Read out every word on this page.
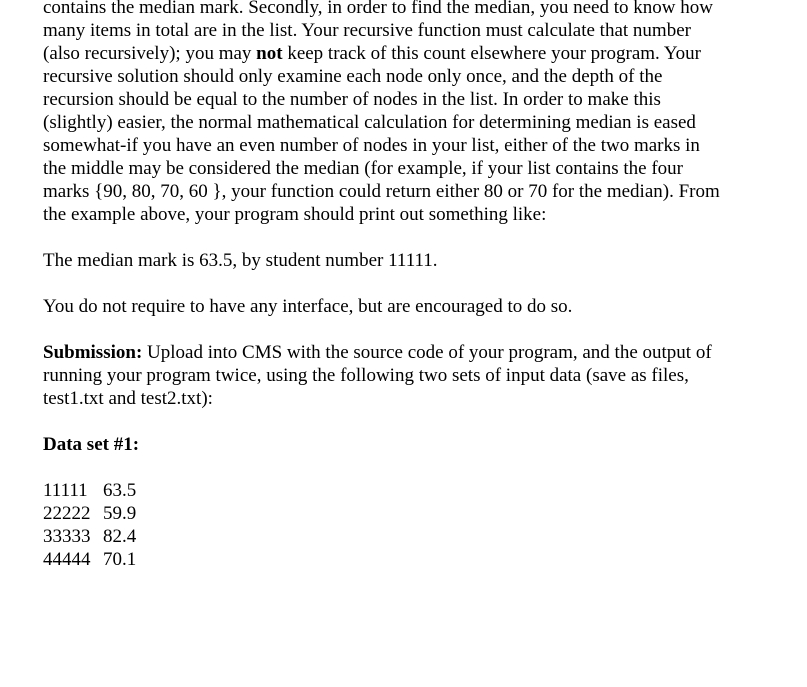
contains the median mark. Secondly, in order to find the median, you need to know how
many items in total are in the list. Your recursive function must calculate that number
(also recursively); you may not keep track of this count elsewhere your program. Your
recursive solution should only examine each node only once, and the depth of the
recursion should be equal to the number of nodes in the list. In order to make this
(slightly) easier, the normal mathematical calculation for determining median is eased
somewhat-if you have an even number of nodes in your list, either of the two marks in
the middle may be considered the median (for example, if your list contains the four
marks {90, 80, 70, 60 }, your function could return either 80 or 70 for the median). From
the example above, your program should print out something like:

The median mark is 63.5, by student number 11111.

You do not require to have any interface, but are encouraged to do so.

Submission: Upload into CMS with the source code of your program, and the output of
running your program twice, using the following two sets of input data (save as files,
test1.txt and test2.txt):

Data set #1:

11111 63.5
22222 59.9
33333 82.4
44444 70.1
